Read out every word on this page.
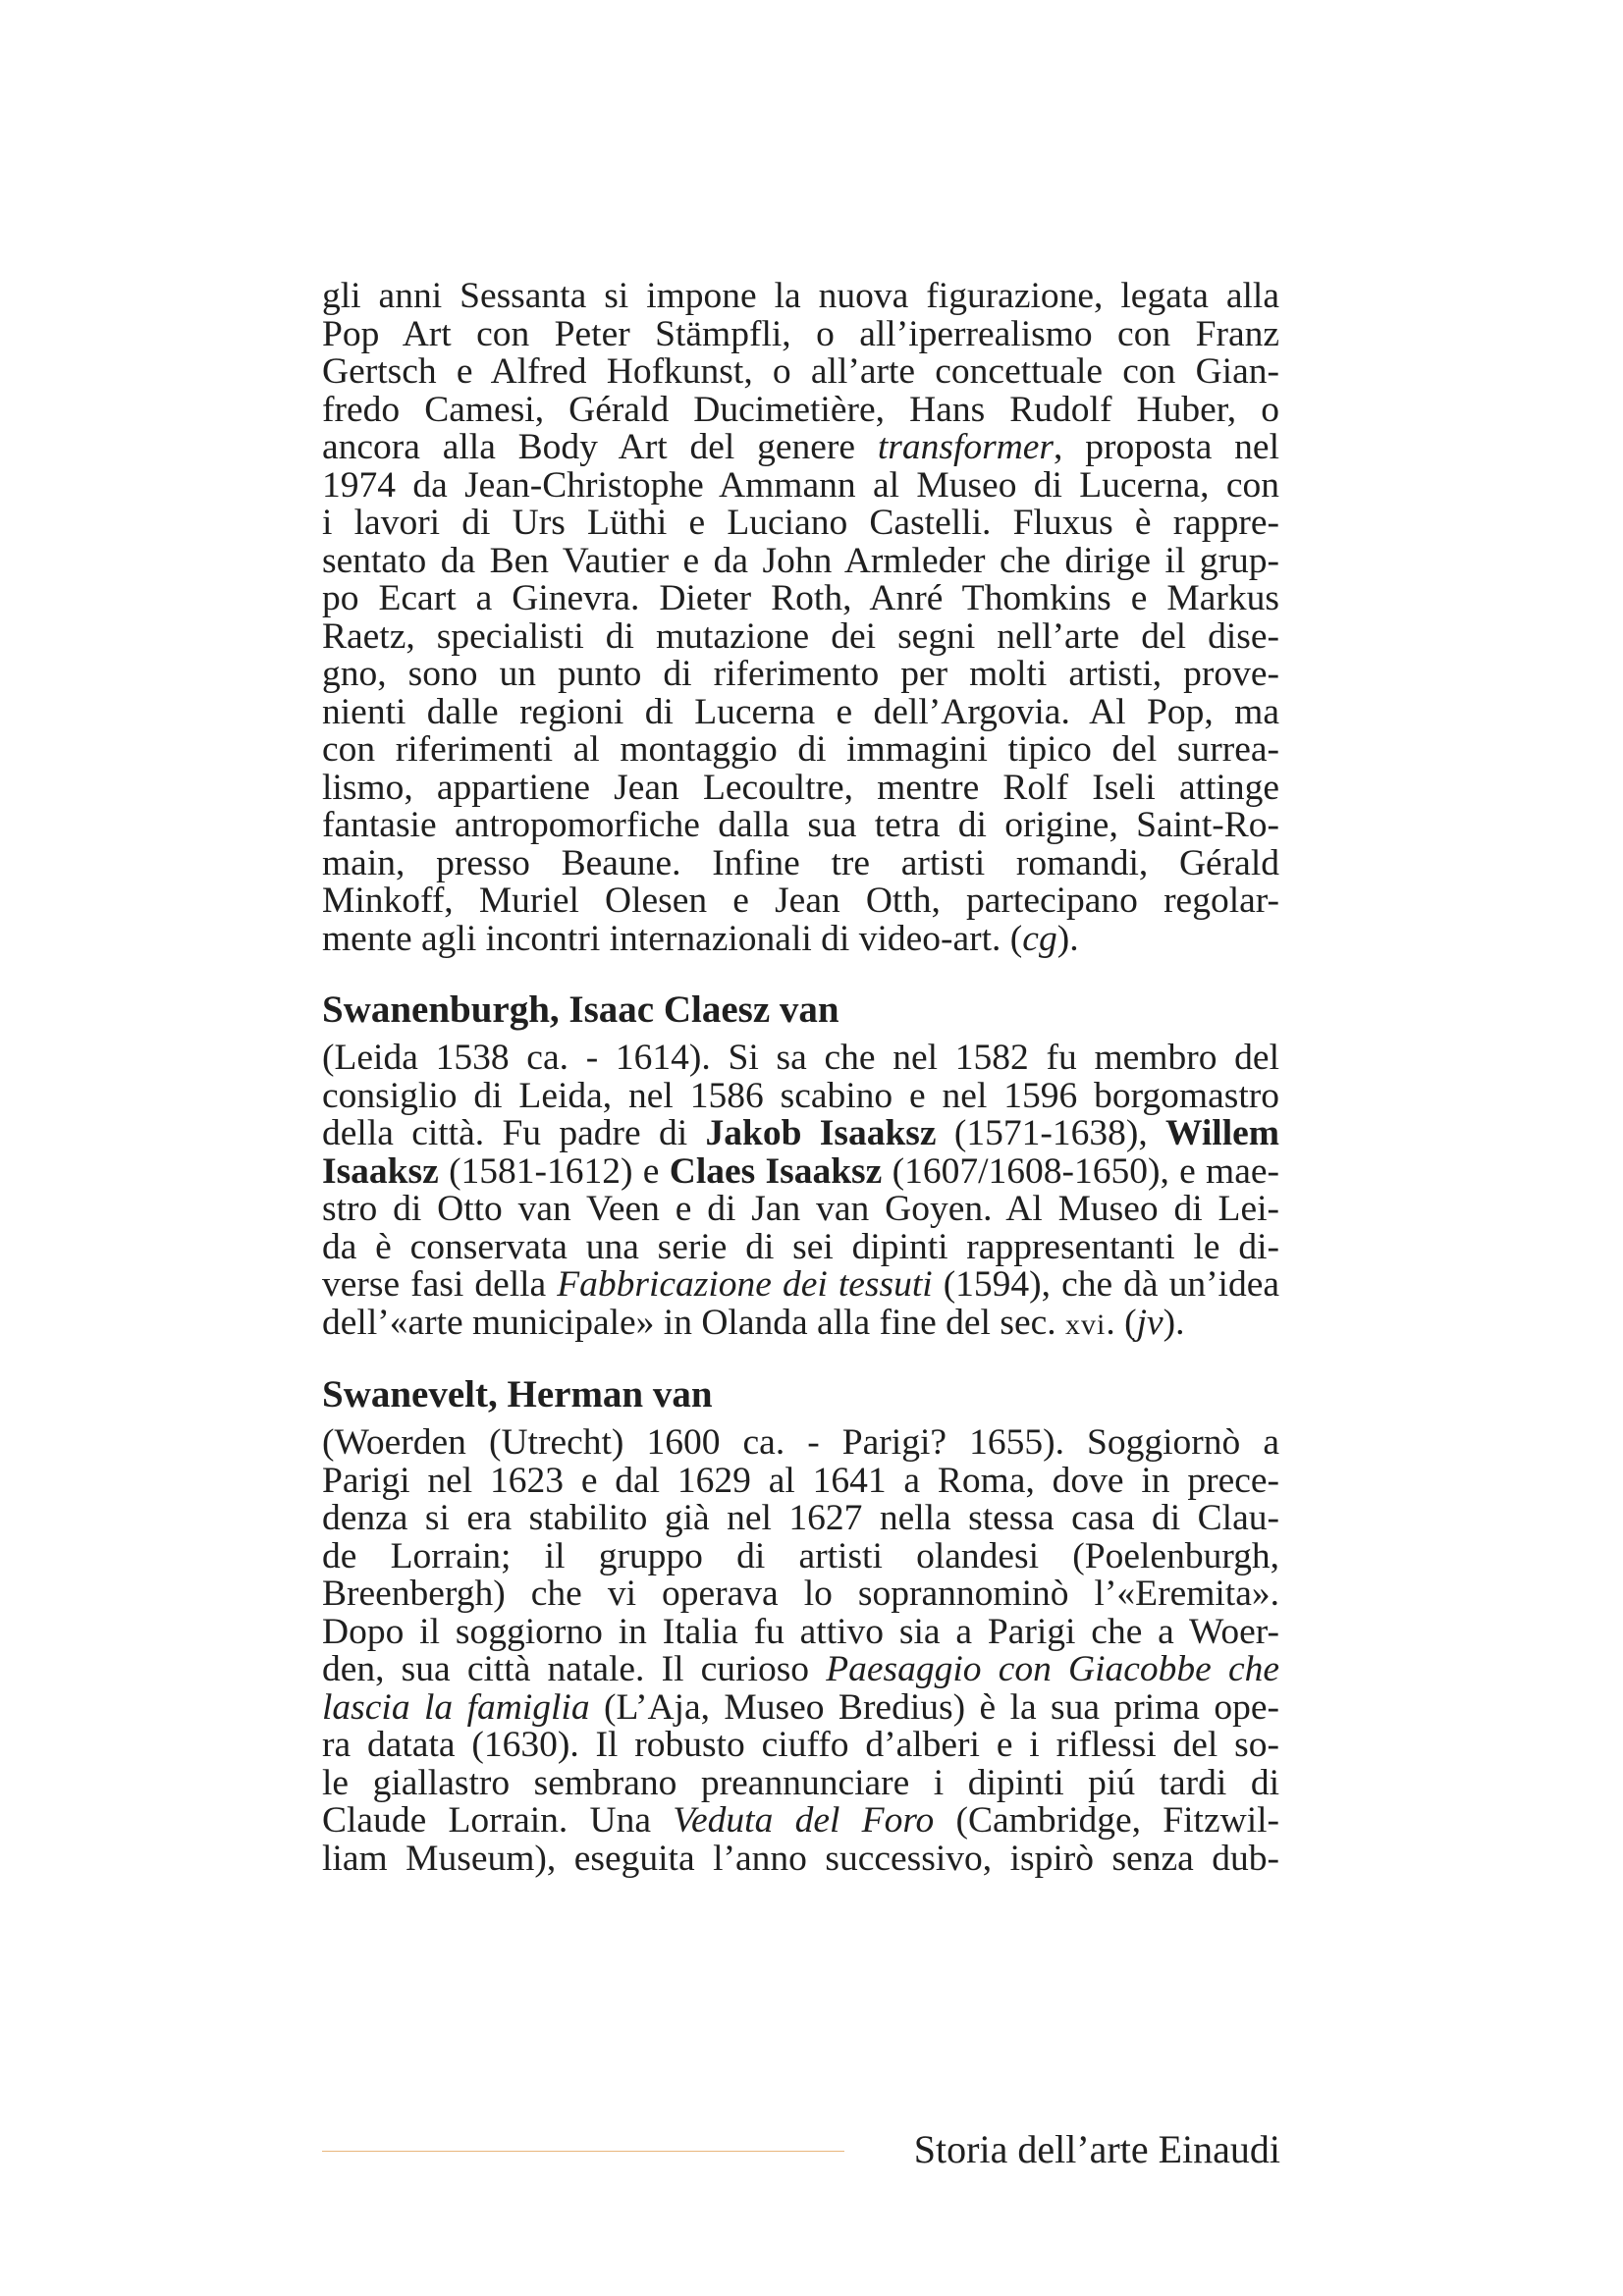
gli anni Sessanta si impone la nuova figurazione, legata alla
Pop Art con Peter Stämpfli, o all’iperrealismo con Franz
Gertsch e Alfred Hofkunst, o all’arte concettuale con Gian-
fredo Camesi, Gérald Ducimetière, Hans Rudolf Huber, o
ancora alla Body Art del genere transformer, proposta nel
1974 da Jean-Christophe Ammann al Museo di Lucerna, con
i lavori di Urs Lüthi e Luciano Castelli. Fluxus è rappre-
sentato da Ben Vautier e da John Armleder che dirige il grup-
po Ecart a Ginevra. Dieter Roth, Anré Thomkins e Markus
Raetz, specialisti di mutazione dei segni nell’arte del dise-
gno, sono un punto di riferimento per molti artisti, prove-
nienti dalle regioni di Lucerna e dell’Argovia. Al Pop, ma
con riferimenti al montaggio di immagini tipico del surrea-
lismo, appartiene Jean Lecoultre, mentre Rolf Iseli attinge
fantasie antropomorfiche dalla sua tetra di origine, Saint-Ro-
main, presso Beaune. Infine tre artisti romandi, Gérald
Minkoff, Muriel Olesen e Jean Otth, partecipano regolar-
mente agli incontri internazionali di video-art. (cg).
Swanenburgh, Isaac Claesz van
(Leida 1538 ca. - 1614). Si sa che nel 1582 fu membro del
consiglio di Leida, nel 1586 scabino e nel 1596 borgomastro
della città. Fu padre di Jakob Isaaksz (1571-1638), Willem
Isaaksz (1581-1612) e Claes Isaaksz (1607/1608-1650), e mae-
stro di Otto van Veen e di Jan van Goyen. Al Museo di Lei-
da è conservata una serie di sei dipinti rappresentanti le di-
verse fasi della Fabbricazione dei tessuti (1594), che dà un’idea
dell’«arte municipale» in Olanda alla fine del sec. xvi. (jv).
Swanevelt, Herman van
(Woerden (Utrecht) 1600 ca. - Parigi? 1655). Soggiornò a
Parigi nel 1623 e dal 1629 al 1641 a Roma, dove in prece-
denza si era stabilito già nel 1627 nella stessa casa di Clau-
de Lorrain; il gruppo di artisti olandesi (Poelenburgh,
Breenbergh) che vi operava lo soprannominò l’«Eremita».
Dopo il soggiorno in Italia fu attivo sia a Parigi che a Woer-
den, sua città natale. Il curioso Paesaggio con Giacobbe che
lascia la famiglia (L’Aja, Museo Bredius) è la sua prima ope-
ra datata (1630). Il robusto ciuffo d’alberi e i riflessi del so-
le giallastro sembrano preannunciare i dipinti piú tardi di
Claude Lorrain. Una Veduta del Foro (Cambridge, Fitzwil-
liam Museum), eseguita l’anno successivo, ispirò senza dub-
Storia dell’arte Einaudi
